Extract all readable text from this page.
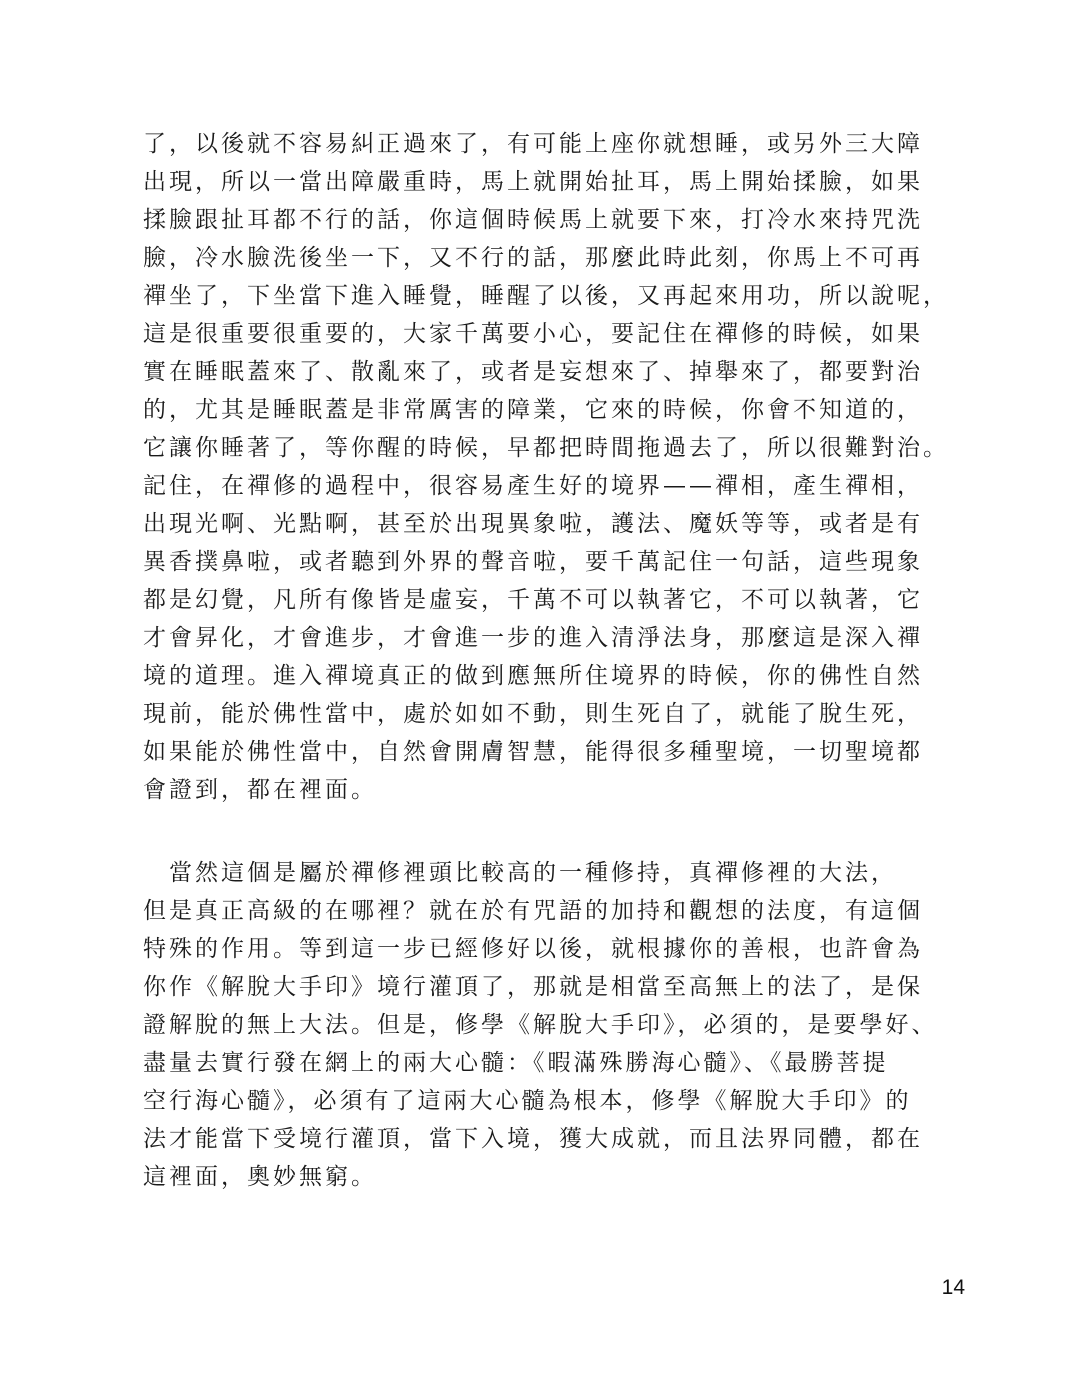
了，以後就不容易糾正過來了，有可能上座你就想睡，或另外三大障
出現，所以一當出障嚴重時，馬上就開始扯耳，馬上開始揉臉，如果
揉臉跟扯耳都不行的話，你這個時候馬上就要下來，打冷水來持咒洗
臉，冷水臉洗後坐一下，又不行的話，那麼此時此刻，你馬上不可再
禪坐了，下坐當下進入睡覺，睡醒了以後，又再起來用功，所以說呢，
這是很重要很重要的，大家千萬要小心，要記住在禪修的時候，如果
實在睡眠蓋來了、散亂來了，或者是妄想來了、掉舉來了，都要對治
的，尤其是睡眠蓋是非常厲害的障業，它來的時候，你會不知道的，
它讓你睡著了，等你醒的時候，早都把時間拖過去了，所以很難對治。
記住，在禪修的過程中，很容易產生好的境界——禪相，產生禪相，
出現光啊、光點啊，甚至於出現異象啦，護法、魔妖等等，或者是有
異香撲鼻啦，或者聽到外界的聲音啦，要千萬記住一句話，這些現象
都是幻覺，凡所有像皆是虛妄，千萬不可以執著它，不可以執著，它
才會昇化，才會進步，才會進一步的進入清淨法身，那麼這是深入禪
境的道理。進入禪境真正的做到應無所住境界的時候，你的佛性自然
現前，能於佛性當中，處於如如不動，則生死自了，就能了脫生死，
如果能於佛性當中，自然會開膚智慧，能得很多種聖境，一切聖境都
會證到，都在裡面。
　當然這個是屬於禪修裡頭比較高的一種修持，真禪修裡的大法，
但是真正高級的在哪裡？就在於有咒語的加持和觀想的法度，有這個
特殊的作用。等到這一步已經修好以後，就根據你的善根，也許會為
你作《解脫大手印》境行灌頂了，那就是相當至高無上的法了，是保
證解脫的無上大法。但是，修學《解脫大手印》，必須的，是要學好、
盡量去實行發在網上的兩大心髓：《暇滿殊勝海心髓》、《最勝菩提
空行海心髓》，必須有了這兩大心髓為根本，修學《解脫大手印》的
法才能當下受境行灌頂，當下入境，獲大成就，而且法界同體，都在
這裡面，奧妙無窮。
14
